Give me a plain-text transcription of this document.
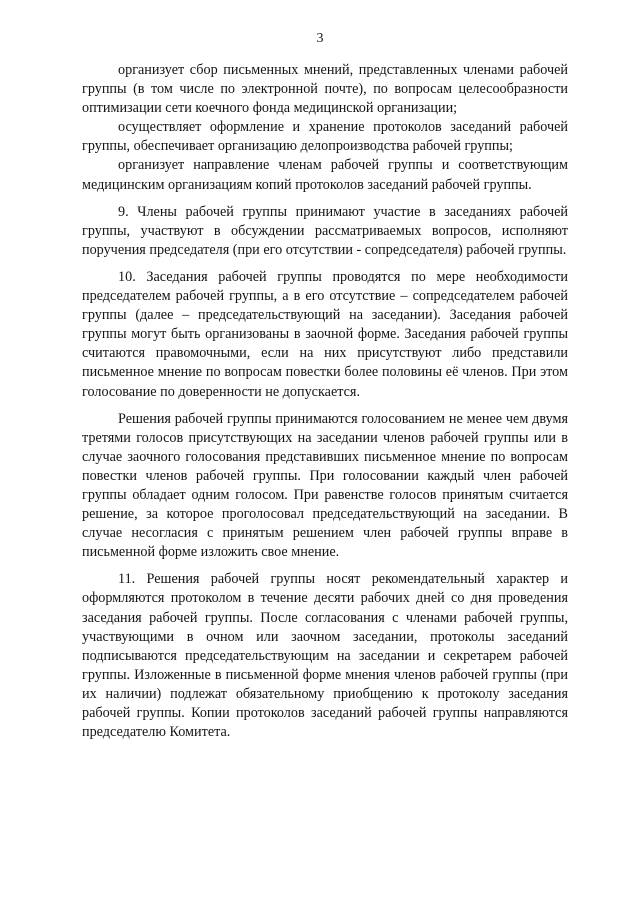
3

организует сбор письменных мнений, представленных членами рабочей группы (в том числе по электронной почте), по вопросам целесообразности оптимизации сети коечного фонда медицинской организации;

осуществляет оформление и хранение протоколов заседаний рабочей группы, обеспечивает организацию делопроизводства рабочей группы;

организует направление членам рабочей группы и соответствующим медицинским организациям копий протоколов заседаний рабочей группы.

9. Члены рабочей группы принимают участие в заседаниях рабочей группы, участвуют в обсуждении рассматриваемых вопросов, исполняют поручения председателя (при его отсутствии - сопредседателя) рабочей группы.

10. Заседания рабочей группы проводятся по мере необходимости председателем рабочей группы, а в его отсутствие – сопредседателем рабочей группы (далее – председательствующий на заседании). Заседания рабочей группы могут быть организованы в заочной форме. Заседания рабочей группы считаются правомочными, если на них присутствуют либо представили письменное мнение по вопросам повестки более половины её членов. При этом голосование по доверенности не допускается.

Решения рабочей группы принимаются голосованием не менее чем двумя третями голосов присутствующих на заседании членов рабочей группы или в случае заочного голосования представивших письменное мнение по вопросам повестки членов рабочей группы. При голосовании каждый член рабочей группы обладает одним голосом. При равенстве голосов принятым считается решение, за которое проголосовал председательствующий на заседании. В случае несогласия с принятым решением член рабочей группы вправе в письменной форме изложить свое мнение.

11. Решения рабочей группы носят рекомендательный характер и оформляются протоколом в течение десяти рабочих дней со дня проведения заседания рабочей группы. После согласования с членами рабочей группы, участвующими в очном или заочном заседании, протоколы заседаний подписываются председательствующим на заседании и секретарем рабочей группы. Изложенные в письменной форме мнения членов рабочей группы (при их наличии) подлежат обязательному приобщению к протоколу заседания рабочей группы. Копии протоколов заседаний рабочей группы направляются председателю Комитета.
